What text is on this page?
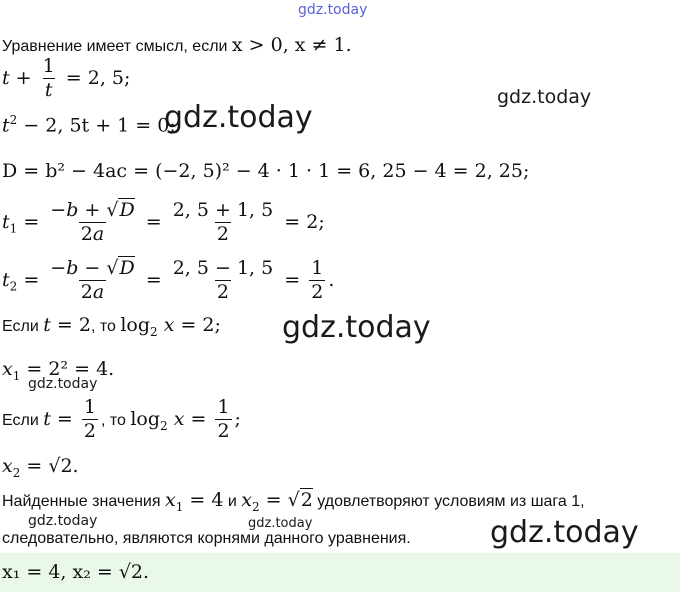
gdz.today
gdz.today
gdz.today
gdz.today
gdz.today
gdz.today	gdz.today	gdz.today
Уравнение имеет смысл, если x > 0, x ≠ 1.
$t + \frac{1}{t} = 2$, 5;
$t^2 - 2$, 5t + 1 = 0;
D = b² − 4ac = (−2, 5)² − 4 · 1 · 1 = 6, 25 − 4 = 2, 25;
$t_1 = \frac{-b + √D}{2a} = \frac{2, 5 + 1, 5}{2} = 2$;
$t_2 = \frac{-b - √D}{2a} = \frac{2, 5 - 1, 5}{2} = \frac{1}{2}$ .
Если t = 2, то $\log_2 x = 2$;
$x_1 = 2^2 = 4$.
Если $t = \frac{1}{2}$ , то $\log_2 x = \frac{1}{2}$ ;
$x_2 = √2$.
Найденные значения $x_1 = 4$ и $x_2 = √2$ удовлетворяют условиям из шага 1,
следовательно, являются корнями данного уравнения.
x₁ = 4, x₂ = √2.
